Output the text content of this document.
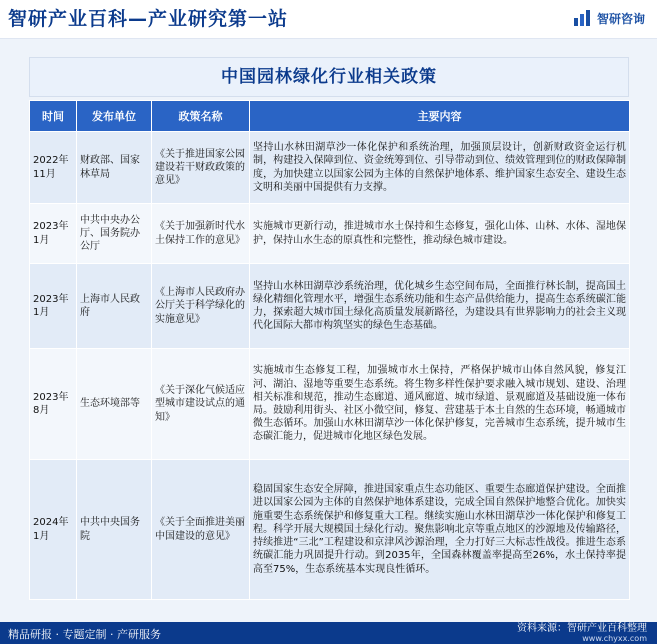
智研产业百科—产业研究第一站	智研咨询
中国园林绿化行业相关政策
时间	发布单位	政策名称	主要内容
2022年11月	财政部、国家林草局	《关于推进国家公园建设若干财政政策的意见》	坚持山水林田湖草沙一体化保护和系统治理，加强顶层设计，创新财政资金运行机制，构建投入保障到位、资金统筹到位、引导带动到位、绩效管理到位的财政保障制度，为加快建立以国家公园为主体的自然保护地体系、维护国家生态安全、建设生态文明和美丽中国提供有力支撑。
2023年1月	中共中央办公厅、国务院办公厅	《关于加强新时代水土保持工作的意见》	实施城市更新行动，推进城市水土保持和生态修复，强化山体、山林、水体、湿地保护，保持山水生态的原真性和完整性，推动绿色城市建设。
2023年1月	上海市人民政府	《上海市人民政府办公厅关于科学绿化的实施意见》	坚持山水林田湖草沙系统治理，优化城乡生态空间布局，全面推行林长制，提高国土绿化精细化管理水平，增强生态系统功能和生态产品供给能力，提高生态系统碳汇能力，探索超大城市国土绿化高质量发展新路径，为建设具有世界影响力的社会主义现代化国际大都市构筑坚实的绿色生态基础。
2023年8月	生态环境部等	《关于深化气候适应型城市建设试点的通知》	实施城市生态修复工程，加强城市水土保持，严格保护城市山体自然风貌，修复江河、湖泊、湿地等重要生态系统。将生物多样性保护要求融入城市规划、建设、治理相关标准和规范，推动生态廊道、通风廊道、城市绿道、景观廊道及基础设施一体布局。鼓励利用街头、社区小微空间，修复、营建基于本土自然的生态环境，畅通城市微生态循环。加强山水林田湖草沙一体化保护修复，完善城市生态系统，提升城市生态碳汇能力，促进城市化地区绿色发展。
2024年1月	中共中央国务院	《关于全面推进美丽中国建设的意见》	稳固国家生态安全屏障，推进国家重点生态功能区、重要生态廊道保护建设。全面推进以国家公园为主体的自然保护地体系建设，完成全国自然保护地整合优化。加快实施重要生态系统保护和修复重大工程。继续实施山水林田湖草沙一体化保护和修复工程。科学开展大规模国土绿化行动。聚焦影响北京等重点地区的沙源地及传输路径，持续推进“三北”工程建设和京津风沙源治理，全力打好三大标志性战役。推进生态系统碳汇能力巩固提升行动。到2035年，全国森林覆盖率提高至26%，水土保持率提高至75%，生态系统基本实现良性循环。
精品研报 · 专题定制 · 产研服务	资料来源：智研产业百科整理
www.chyxx.com
